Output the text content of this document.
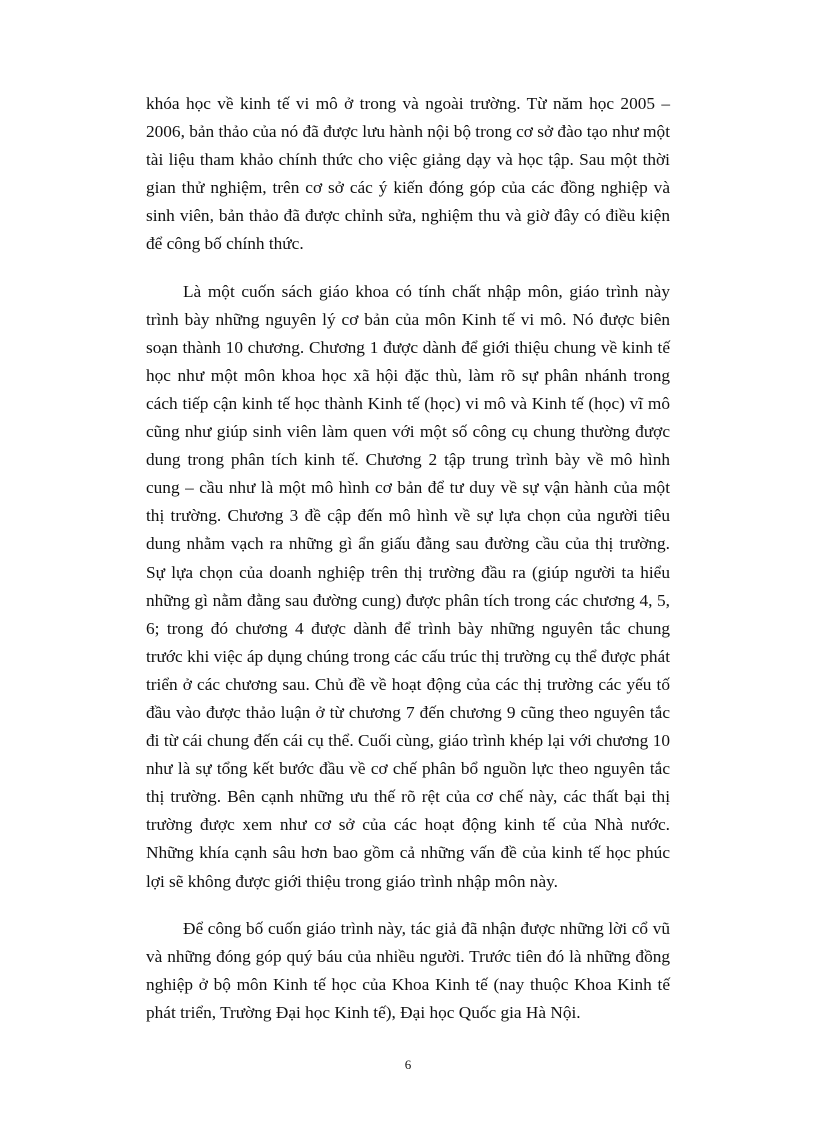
khóa học về kinh tế vi mô ở trong và ngoài trường. Từ năm học 2005 – 2006, bản thảo của nó đã được lưu hành nội bộ trong cơ sở đào tạo như một tài liệu tham khảo chính thức cho việc giảng dạy và học tập. Sau một thời gian thử nghiệm, trên cơ sở các ý kiến đóng góp của các đồng nghiệp và sinh viên, bản thảo đã được chỉnh sửa, nghiệm thu và giờ đây có điều kiện để công bố chính thức.

Là một cuốn sách giáo khoa có tính chất nhập môn, giáo trình này trình bày những nguyên lý cơ bản của môn Kinh tế vi mô. Nó được biên soạn thành 10 chương. Chương 1 được dành để giới thiệu chung về kinh tế học như một môn khoa học xã hội đặc thù, làm rõ sự phân nhánh trong cách tiếp cận kinh tế học thành Kinh tế (học) vi mô và Kinh tế (học) vĩ mô cũng như giúp sinh viên làm quen với một số công cụ chung thường được dung trong phân tích kinh tế. Chương 2 tập trung trình bày về mô hình cung – cầu như là một mô hình cơ bản để tư duy về sự vận hành của một thị trường. Chương 3 đề cập đến mô hình về sự lựa chọn của người tiêu dung nhằm vạch ra những gì ẩn giấu đằng sau đường cầu của thị trường. Sự lựa chọn của doanh nghiệp trên thị trường đầu ra (giúp người ta hiểu những gì nằm đằng sau đường cung) được phân tích trong các chương 4, 5, 6; trong đó chương 4 được dành để trình bày những nguyên tắc chung trước khi việc áp dụng chúng trong các cấu trúc thị trường cụ thể được phát triển ở các chương sau. Chủ đề về hoạt động của các thị trường các yếu tố đầu vào được thảo luận ở từ chương 7 đến chương 9 cũng theo nguyên tắc đi từ cái chung đến cái cụ thể. Cuối cùng, giáo trình khép lại với chương 10 như là sự tổng kết bước đầu về cơ chế phân bổ nguồn lực theo nguyên tắc thị trường. Bên cạnh những ưu thế rõ rệt của cơ chế này, các thất bại thị trường được xem như cơ sở của các hoạt động kinh tế của Nhà nước. Những khía cạnh sâu hơn bao gồm cả những vấn đề của kinh tế học phúc lợi sẽ không được giới thiệu trong giáo trình nhập môn này.

Để công bố cuốn giáo trình này, tác giả đã nhận được những lời cổ vũ và những đóng góp quý báu của nhiều người. Trước tiên đó là những đồng nghiệp ở bộ môn Kinh tế học của Khoa Kinh tế (nay thuộc Khoa Kinh tế phát triển, Trường Đại học Kinh tế), Đại học Quốc gia Hà Nội.

6
